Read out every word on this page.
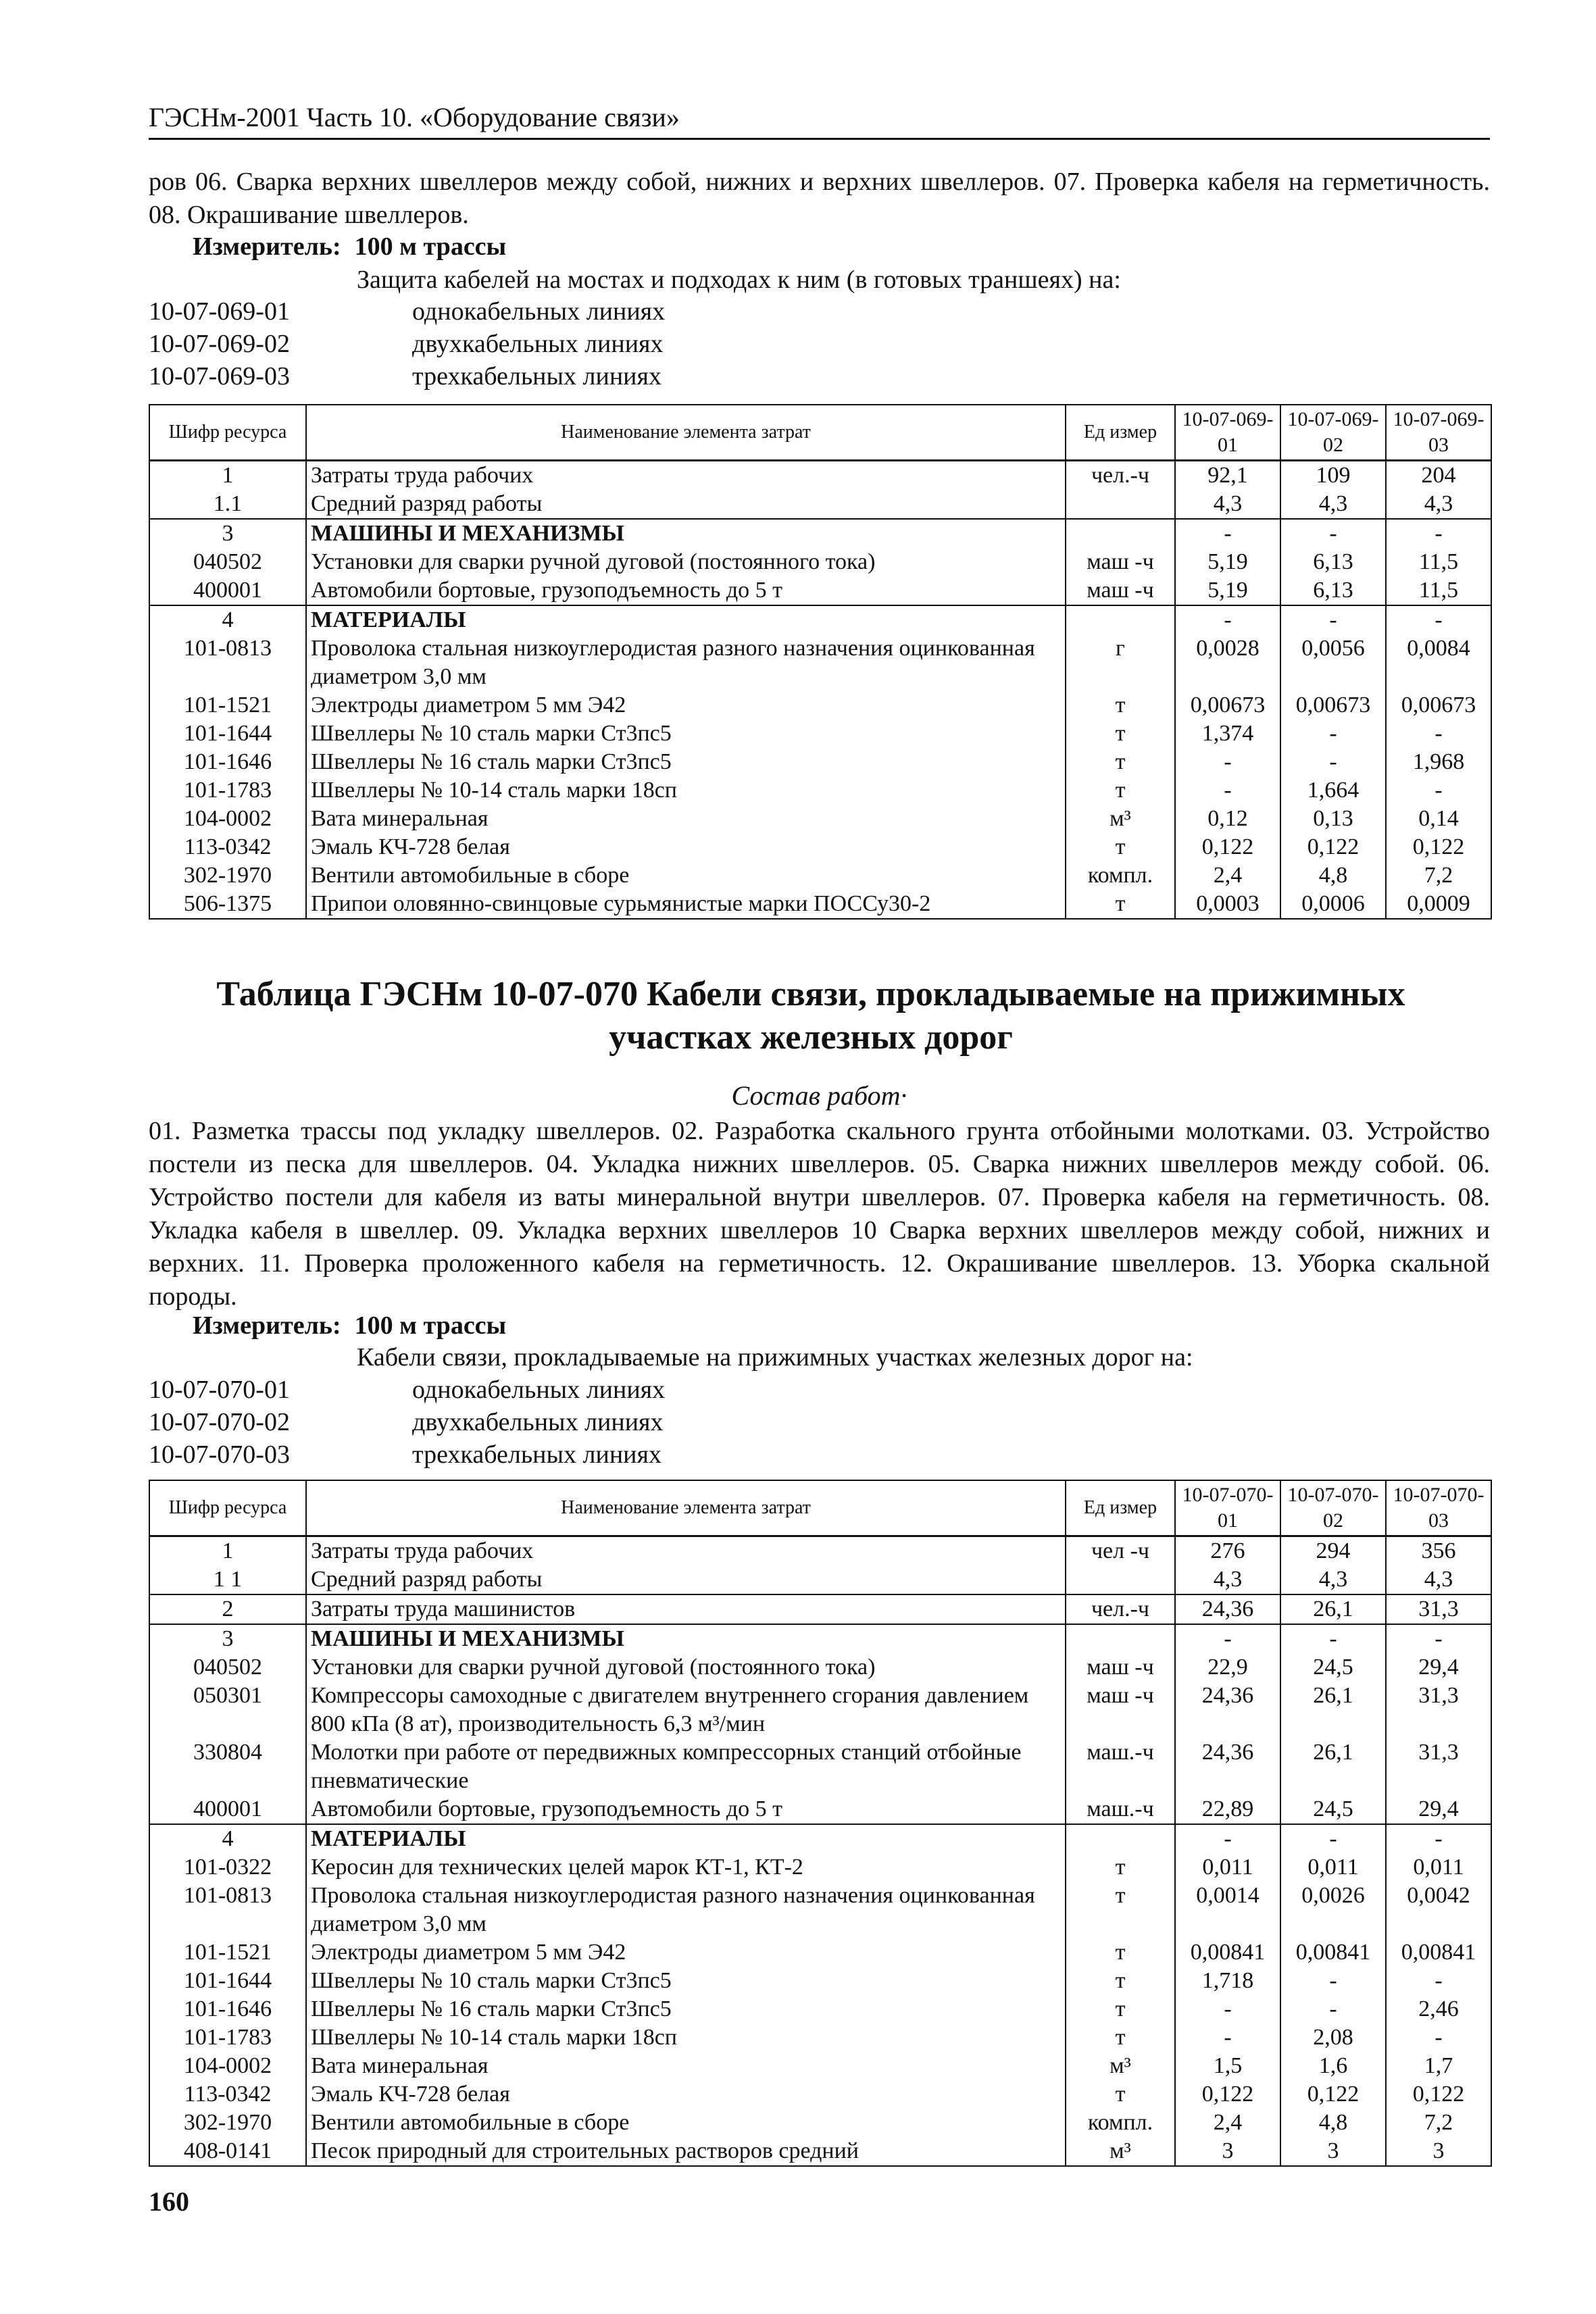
ГЭСНм-2001 Часть 10. «Оборудование связи»
ров 06. Сварка верхних швеллеров между собой, нижних и верхних швеллеров. 07. Проверка кабеля на герметичность. 08. Окрашивание швеллеров.
Измеритель: 100 м трассы
Защита кабелей на мостах и подходах к ним (в готовых траншеях) на:
10-07-069-01	однокабельных линиях
10-07-069-02	двухкабельных линиях
10-07-069-03	трехкабельных линиях
Шифр ресурса	Наименование элемента затрат	Ед измер	10-07-069-01	10-07-069-02	10-07-069-03
1	Затраты труда рабочих	чел.-ч	92,1	109	204
1.1	Средний разряд работы		4,3	4,3	4,3
3	МАШИНЫ И МЕХАНИЗМЫ		-	-	-
040502	Установки для сварки ручной дуговой (постоянного тока)	маш -ч	5,19	6,13	11,5
400001	Автомобили бортовые, грузоподъемность до 5 т	маш -ч	5,19	6,13	11,5
4	МАТЕРИАЛЫ		-	-	-
101-0813	Проволока стальная низкоуглеродистая разного назначения оцинкованная диаметром 3,0 мм	г	0,0028	0,0056	0,0084
101-1521	Электроды диаметром 5 мм Э42	т	0,00673	0,00673	0,00673
101-1644	Швеллеры № 10 сталь марки Ст3пс5	т	1,374	-	-
101-1646	Швеллеры № 16 сталь марки Ст3пс5	т	-	-	1,968
101-1783	Швеллеры № 10-14 сталь марки 18сп	т	-	1,664	-
104-0002	Вата минеральная	м³	0,12	0,13	0,14
113-0342	Эмаль КЧ-728 белая	т	0,122	0,122	0,122
302-1970	Вентили автомобильные в сборе	компл.	2,4	4,8	7,2
506-1375	Припои оловянно-свинцовые сурьмянистые марки ПОССу30-2	т	0,0003	0,0006	0,0009
Таблица ГЭСНм 10-07-070 Кабели связи, прокладываемые на прижимных участках железных дорог
Состав работ·
01. Разметка трассы под укладку швеллеров. 02. Разработка скального грунта отбойными молотками. 03. Устройство постели из песка для швеллеров. 04. Укладка нижних швеллеров. 05. Сварка нижних швеллеров между собой. 06. Устройство постели для кабеля из ваты минеральной внутри швеллеров. 07. Проверка кабеля на герметичность. 08. Укладка кабеля в швеллер. 09. Укладка верхних швеллеров 10 Сварка верхних швеллеров между собой, нижних и верхних. 11. Проверка проложенного кабеля на герметичность. 12. Окрашивание швеллеров. 13. Уборка скальной породы.
Измеритель: 100 м трассы
Кабели связи, прокладываемые на прижимных участках железных дорог на:
10-07-070-01	однокабельных линиях
10-07-070-02	двухкабельных линиях
10-07-070-03	трехкабельных линиях
Шифр ресурса	Наименование элемента затрат	Ед измер	10-07-070-01	10-07-070-02	10-07-070-03
1	Затраты труда рабочих	чел -ч	276	294	356
1 1	Средний разряд работы		4,3	4,3	4,3
2	Затраты труда машинистов	чел.-ч	24,36	26,1	31,3
3	МАШИНЫ И МЕХАНИЗМЫ		-	-	-
040502	Установки для сварки ручной дуговой (постоянного тока)	маш -ч	22,9	24,5	29,4
050301	Компрессоры самоходные с двигателем внутреннего сгорания давлением 800 кПа (8 ат), производительность 6,3 м³/мин	маш -ч	24,36	26,1	31,3
330804	Молотки при работе от передвижных компрессорных станций отбойные пневматические	маш.-ч	24,36	26,1	31,3
400001	Автомобили бортовые, грузоподъемность до 5 т	маш.-ч	22,89	24,5	29,4
4	МАТЕРИАЛЫ		-	-	-
101-0322	Керосин для технических целей марок КТ-1, КТ-2	т	0,011	0,011	0,011
101-0813	Проволока стальная низкоуглеродистая разного назначения оцинкованная диаметром 3,0 мм	т	0,0014	0,0026	0,0042
101-1521	Электроды диаметром 5 мм Э42	т	0,00841	0,00841	0,00841
101-1644	Швеллеры № 10 сталь марки Ст3пс5	т	1,718	-	-
101-1646	Швеллеры № 16 сталь марки Ст3пс5	т	-	-	2,46
101-1783	Швеллеры № 10-14 сталь марки 18сп	т	-	2,08	-
104-0002	Вата минеральная	м³	1,5	1,6	1,7
113-0342	Эмаль КЧ-728 белая	т	0,122	0,122	0,122
302-1970	Вентили автомобильные в сборе	компл.	2,4	4,8	7,2
408-0141	Песок природный для строительных растворов средний	м³	3	3	3
160
